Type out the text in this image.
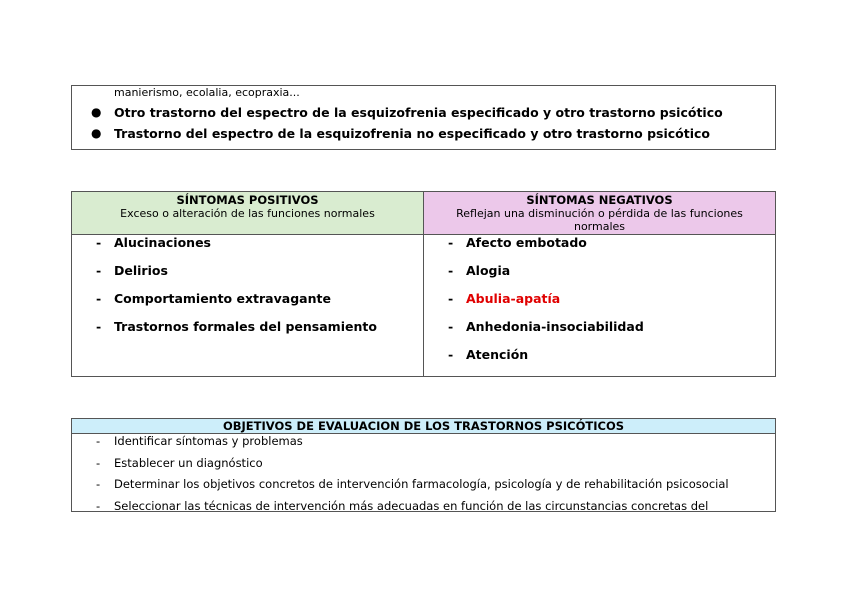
manierismo, ecolalia, ecopraxia...
● Otro trastorno del espectro de la esquizofrenia especificado y otro trastorno psicótico
● Trastorno del espectro de la esquizofrenia no especificado y otro trastorno psicótico
SÍNTOMAS POSITIVOS
Exceso o alteración de las funciones normales
- Alucinaciones
- Delirios
- Comportamiento extravagante
- Trastornos formales del pensamiento
SÍNTOMAS NEGATIVOS
Reflejan una disminución o pérdida de las funciones normales
- Afecto embotado
- Alogia
- Abulia-apatía
- Anhedonia-insociabilidad
- Atención
OBJETIVOS DE EVALUACION DE LOS TRASTORNOS PSICÓTICOS
- Identificar síntomas y problemas
- Establecer un diagnóstico
- Determinar los objetivos concretos de intervención farmacología, psicología y de rehabilitación psicosocial
- Seleccionar las técnicas de intervención más adecuadas en función de las circunstancias concretas del
